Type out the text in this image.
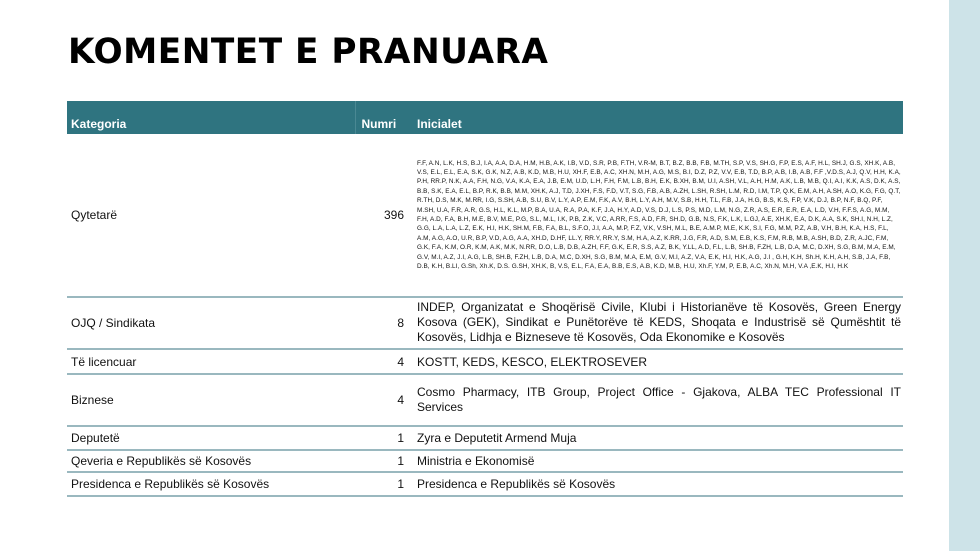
KOMENTET E PRANUARA
Kategoria	Numri	Inicialet
Qytetarë	396	F.F, A.N, L.K, H.S, B.J, I.A, A.A, D.A, H.M, H.B, A.K, I.B, V.D, S.R, P.B, F.TH, V.R-M, B.T, B.Z, B.B, F.B, M.TH, S.P, V.S, SH.G, F.P, E.S, A.F, H.L, SH.J, G.S, XH.K, A.B, V.S, E.L, E.L, E.A, S.K, G.K, N.Z, A.B, K.D, M.B, H.U, XH.F, E.B, A.C, XH.N, M.H, A.G, M.S, B.I, D.Z, P.Z, V.V, E.B, T.D, B.P, A.B, I.B, A.B, F.F ,V.D.S, A.J, Q.V, H.H, K.A, P.H, RR.P, N.K, A.A, F.H, N.G, V.A, K.A, E.A, J.B, E.M, U.D, L.H, F.H, F.M, L.B, B.H, E.K, B.XH, B.M, U.I, A.SH, V.L, A.H, H.M, A.K, L.B, M.B, Q.I, A.I, K.K, A.S, D.K, A.S, B.B, S.K, E.A, E.L, B.P, R.K, B.B, M.M, XH.K, A.J, T.D, J.XH, F.S, F.D, V.T, S.G, F.B, A.B, A.ZH, L.SH, R.SH, L.M, R.D, I.M, T.P, Q.K, E.M, A.H, A.SH, A.O, K.G, F.G, Q.T, R.TH, D.S, M.K, M.RR, I.G, S.SH, A.B, S.U, B.V, L.Y, A.P, E.M, F.K, A.V, B.H, L.Y, A.H, M.V, S.B, H.H, T.L, F.B, J.A, H.G, B.S, K.S, F.P, V.K, D.J, B.P, N.F, B.Q, P.F, M.SH, U.A, F.R, A.R, G.S, H.L, K.L, M.P, B.A, U.A, R.A, P.A, K.F, J.A, H.Y, A.D, V.S, D.J, L.S, P.S, M.D, L.M, N.G, Z.R, A.S, E.R, E.R, E.A, L.D, V.H, F.F.S, A.G, M.M, F.H, A.D, F.A, B.H, M.E, B.V, M.E, P.G, S.L, M.L, I.K, P.B, Z.K, V.C, A.RR, F.S, A.D, F.R, SH.D, G.B, N.S, F.K, L.K, L.GJ, A.E, XH.K, E.A, D.K, A.A, S.K, SH.I, N.H, L.Z, G.G, L.A, L.A, L.Z, E.K, H.I, H.K, SH.M, F.B, F.A, B.L, S.F.O, J.I, A.A, M.P, F.Z, V.K, V.SH, M.L, B.E, A.M.P, M.E, K.K, S.I, F.G, M.M, P.Z, A.B, V.H, B.H, K.A, H.S, F.L, A.M, A.G, A.O, U.R, B.P, V.D, A.G, A.A, XH.D, D.HF, LL.Y, RR.Y, RR.Y, S.M, H.A, A.Z, K.RR, J.G, F.R, A.D, S.M, E.B, K.S, F.M, R.B, M.B, A.SH, B.D, Z.R, A.JC, F.M, G.K, F.A, K.M, O.R, K.M, A.K, M.K, N.RR, D.O, L.B, D.B, A.ZH, F.F, G.K, E.R, S.S, A.Z, B.K, Y.LL, A.D, F.L, L.B, SH.B, F.ZH, L.B, D.A, M.C, D.XH, S.G, B.M, M.A, E.M, G.V, M.I, A.Z, J.I, A.G, L.B, SH.B, F.ZH, L.B, D.A, M.C, D.XH, S.G, B.M, M.A, E.M, G.V, M.I, A.Z, V.A, E.K, H.I, H.K, A.G, J.I , G.H, K.H, Sh.H, K.H, A.H, S.B, J.A, F.B, D.B, K.H, B.LI, G.Sh, Xh.K, D.S. G.SH, XH.K, B, V.S, E.L, F.A, E.A, B.B, E.S, A.B, K.D, M.B, H.U, Xh.F, Y.M, P, E.B, A.C, Xh.N, M.H, V.A ,E.K, H.I, H.K
OJQ / Sindikata	8	INDEP, Organizatat e Shoqërisë Civile, Klubi i Historianëve të Kosovës, Green Energy Kosova (GEK), Sindikat e Punëtorëve të KEDS, Shoqata e Industrisë së Qumështit të Kosovës, Lidhja e Bizneseve të Kosovës, Oda Ekonomike e Kosovës
Të licencuar	4	KOSTT, KEDS, KESCO, ELEKTROSEVER
Biznese	4	Cosmo Pharmacy, ITB Group, Project Office - Gjakova, ALBA TEC Professional IT Services
Deputetë	1	Zyra e Deputetit Armend Muja
Qeveria e Republikës së Kosovës	1	Ministria e Ekonomisë
Presidenca e Republikës së Kosovës	1	Presidenca e Republikës së Kosovës
